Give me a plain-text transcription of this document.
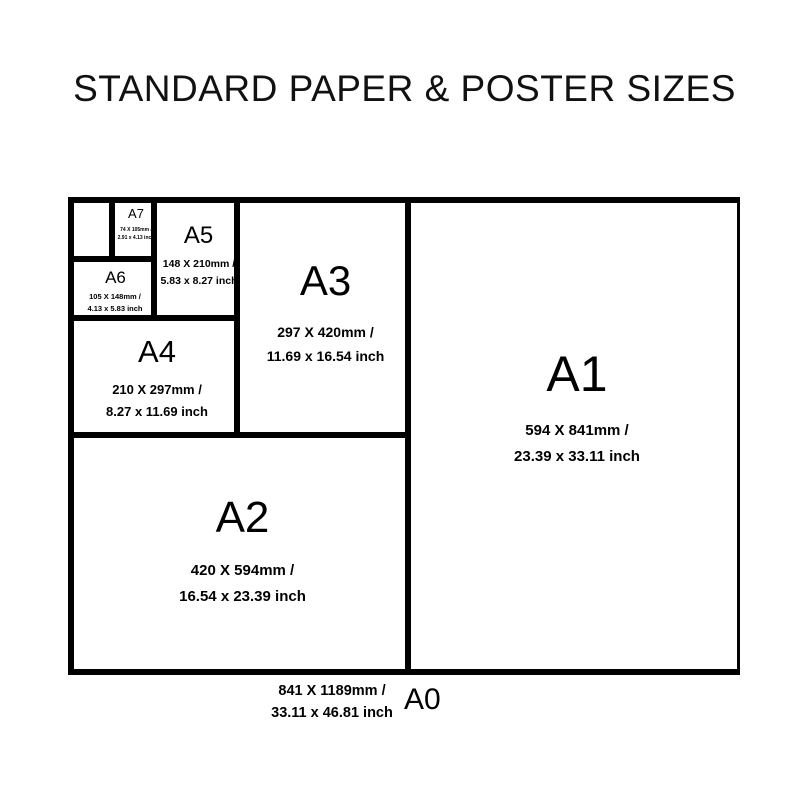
STANDARD PAPER & POSTER SIZES
A1
594 X 841mm /
23.39 x 33.11 inch
A2
420 X 594mm /
16.54 x 23.39 inch
A3
297 X 420mm /
11.69 x 16.54 inch
A4
210 X 297mm /
8.27 x 11.69 inch
A5
148 X 210mm /
5.83 x 8.27 inch
A6
105 X 148mm /
4.13 x 5.83 inch
A7
74 X 105mm /
2.91 x 4.13 inch
A0
841 X 1189mm /
33.11 x 46.81 inch
